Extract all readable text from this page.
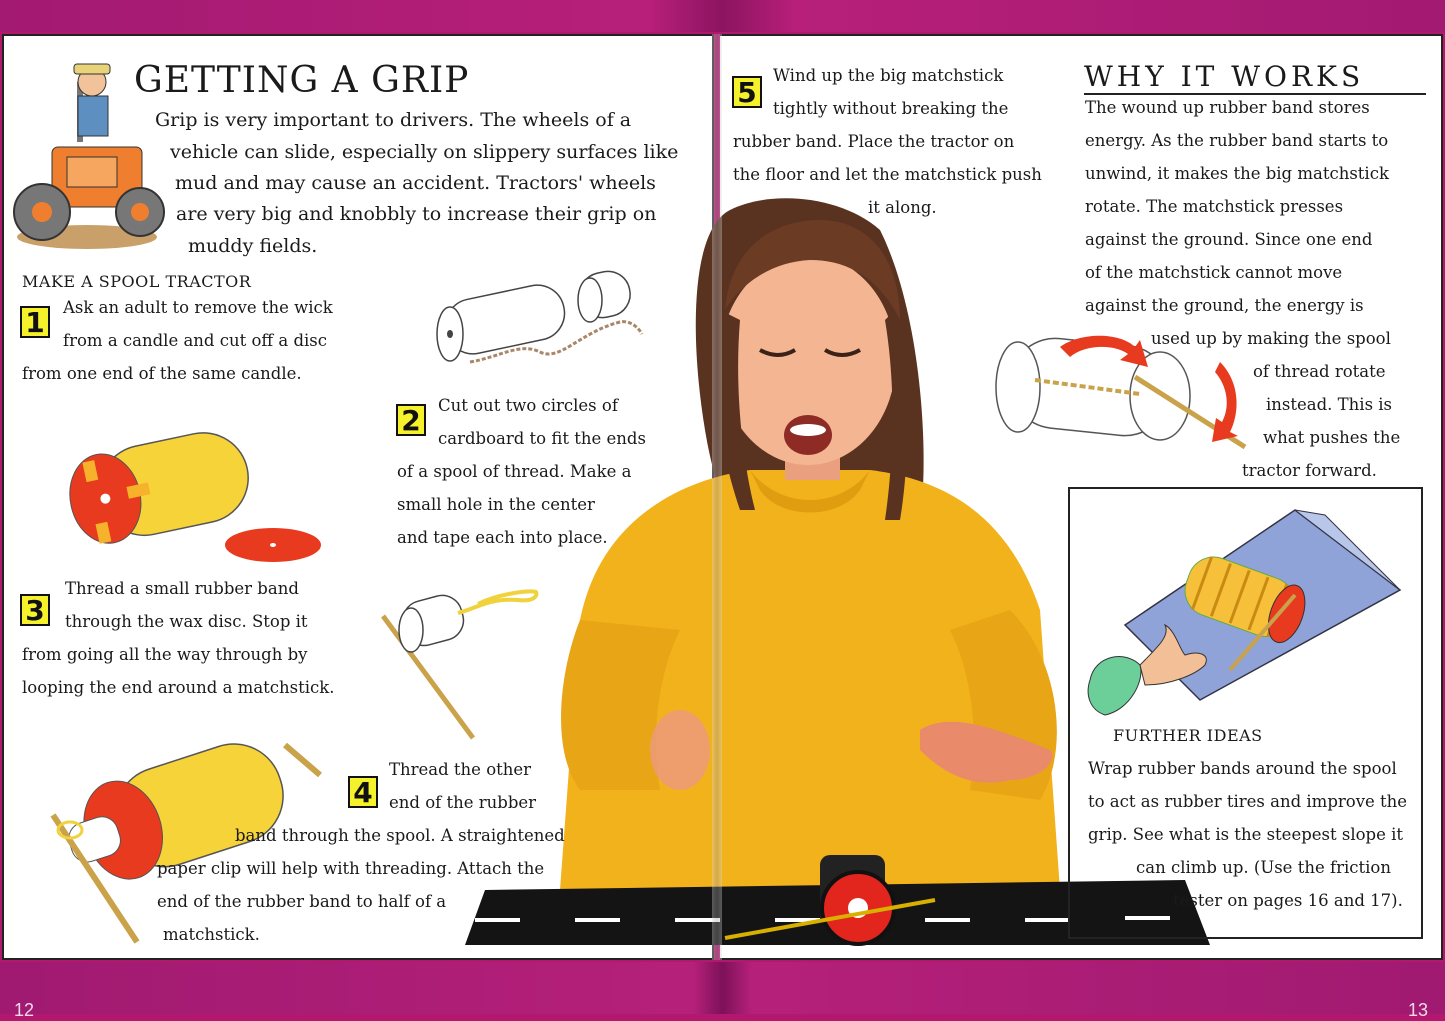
12	13
GETTING A GRIP
Grip is very important to drivers. The wheels of a
vehicle can slide, especially on slippery surfaces like
mud and may cause an accident. Tractors' wheels
are very big and knobbly to increase their grip on
muddy fields.
MAKE A SPOOL TRACTOR
1	Ask an adult to remove the wick
from a candle and cut off a disc
from one end of the same candle.
2	Cut out two circles of
cardboard to fit the ends
of a spool of thread. Make a
small hole in the center
and tape each into place.
3
Thread a small rubber band
through the wax disc. Stop it
from going all the way through by
looping the end around a matchstick.
4
Thread the other
end of the rubber
band through the spool. A straightened
paper clip will help with threading. Attach the
end of the rubber band to half of a
matchstick.
5
Wind up the big matchstick
tightly without breaking the
rubber band. Place the tractor on
the floor and let the matchstick push
it along.
WHY IT WORKS
The wound up rubber band stores
energy. As the rubber band starts to
unwind, it makes the big matchstick
rotate. The matchstick presses
against the ground. Since one end
of the matchstick cannot move
against the ground, the energy is
used up by making the spool
of thread rotate
instead. This is
what pushes the
tractor forward.
FURTHER IDEAS
Wrap rubber bands around the spool
to act as rubber tires and improve the
grip. See what is the steepest slope it
can climb up. (Use the friction
tester on pages 16 and 17).
